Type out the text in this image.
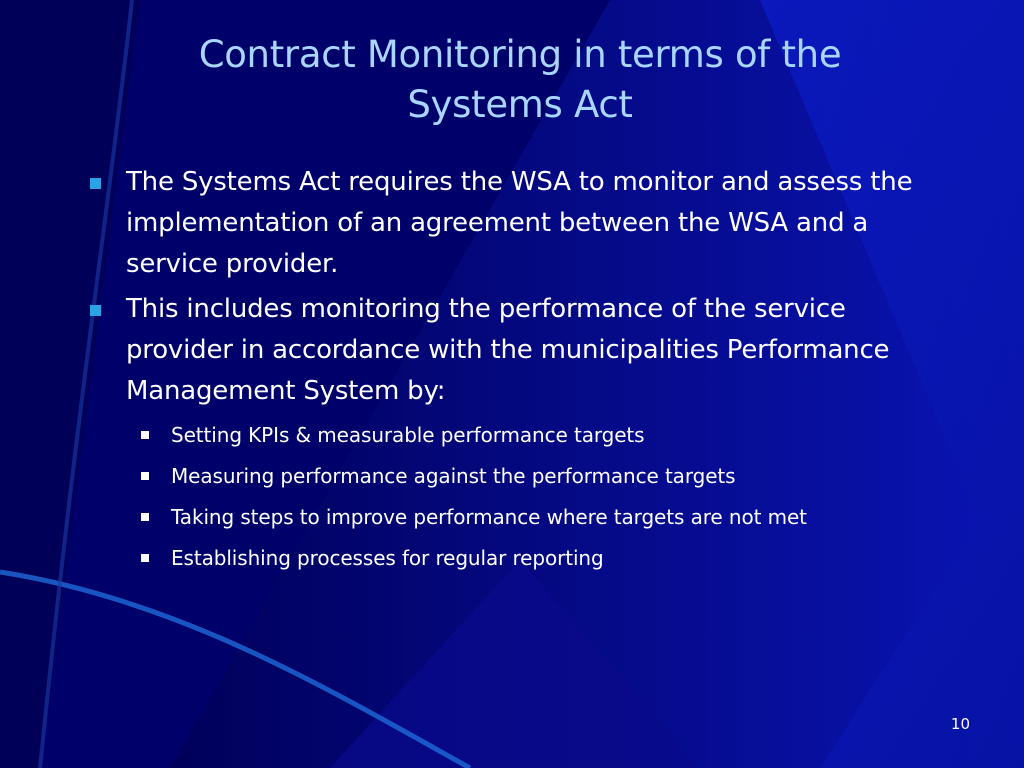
Contract Monitoring in terms of the
Systems Act
The Systems Act requires the WSA to monitor and assess the implementation of an agreement between the WSA and a service provider.
This includes monitoring the performance of the service provider in accordance with the municipalities Performance Management System by:
Setting KPIs & measurable performance targets
Measuring performance against the performance targets
Taking steps to improve performance where targets are not met
Establishing processes for regular reporting
10
